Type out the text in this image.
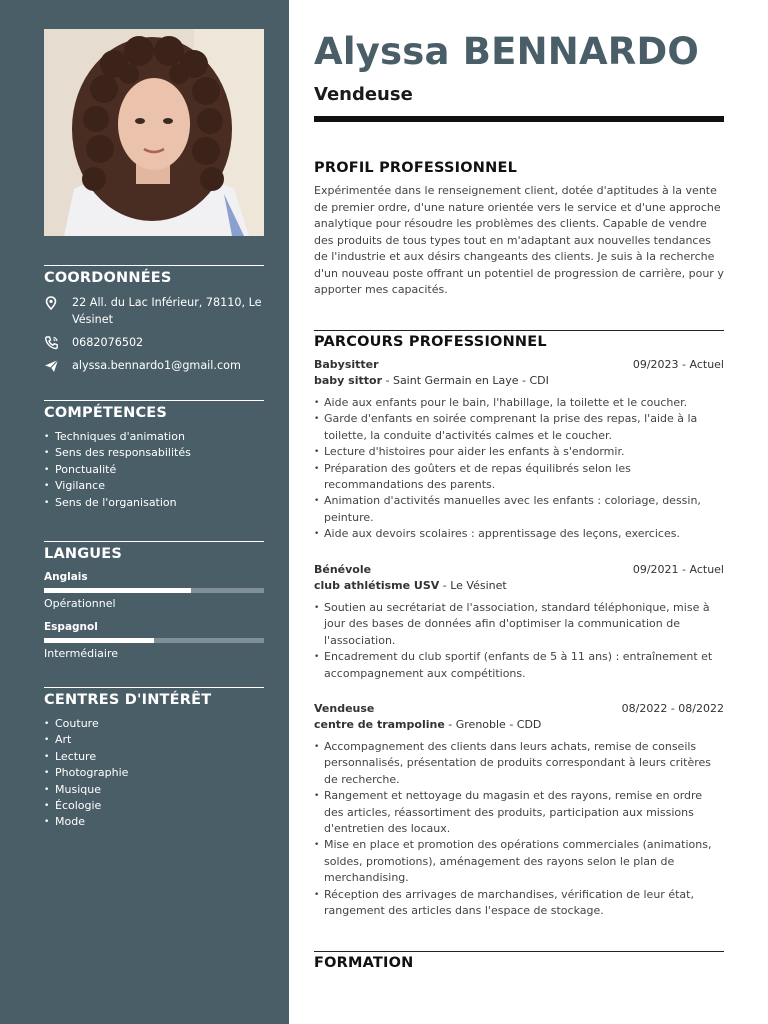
COORDONNÉES
22 All. du Lac Inférieur, 78110, Le Vésinet
0682076502
alyssa.bennardo1@gmail.com
COMPÉTENCES
• Techniques d'animation
• Sens des responsabilités
• Ponctualité
• Vigilance
• Sens de l'organisation
LANGUES
Anglais
Opérationnel
Espagnol
Intermédiaire
CENTRES D'INTÉRÊT
• Couture
• Art
• Lecture
• Photographie
• Musique
• Écologie
• Mode
Alyssa BENNARDO
Vendeuse
PROFIL PROFESSIONNEL
Expérimentée dans le renseignement client, dotée d'aptitudes à la vente de premier ordre, d'une nature orientée vers le service et d'une approche analytique pour résoudre les problèmes des clients. Capable de vendre des produits de tous types tout en m'adaptant aux nouvelles tendances de l'industrie et aux désirs changeants des clients. Je suis à la recherche d'un nouveau poste offrant un potentiel de progression de carrière, pour y apporter mes capacités.
PARCOURS PROFESSIONNEL
Babysitter	09/2023 - Actuel
baby sittor - Saint Germain en Laye - CDI
• Aide aux enfants pour le bain, l'habillage, la toilette et le coucher.
• Garde d'enfants en soirée comprenant la prise des repas, l'aide à la toilette, la conduite d'activités calmes et le coucher.
• Lecture d'histoires pour aider les enfants à s'endormir.
• Préparation des goûters et de repas équilibrés selon les recommandations des parents.
• Animation d'activités manuelles avec les enfants : coloriage, dessin, peinture.
• Aide aux devoirs scolaires : apprentissage des leçons, exercices.
Bénévole	09/2021 - Actuel
club athlétisme USV - Le Vésinet
• Soutien au secrétariat de l'association, standard téléphonique, mise à jour des bases de données afin d'optimiser la communication de l'association.
• Encadrement du club sportif (enfants de 5 à 11 ans) : entraînement et accompagnement aux compétitions.
Vendeuse	08/2022 - 08/2022
centre de trampoline - Grenoble - CDD
• Accompagnement des clients dans leurs achats, remise de conseils personnalisés, présentation de produits correspondant à leurs critères de recherche.
• Rangement et nettoyage du magasin et des rayons, remise en ordre des articles, réassortiment des produits, participation aux missions d'entretien des locaux.
• Mise en place et promotion des opérations commerciales (animations, soldes, promotions), aménagement des rayons selon le plan de merchandising.
• Réception des arrivages de marchandises, vérification de leur état, rangement des articles dans l'espace de stockage.
FORMATION
